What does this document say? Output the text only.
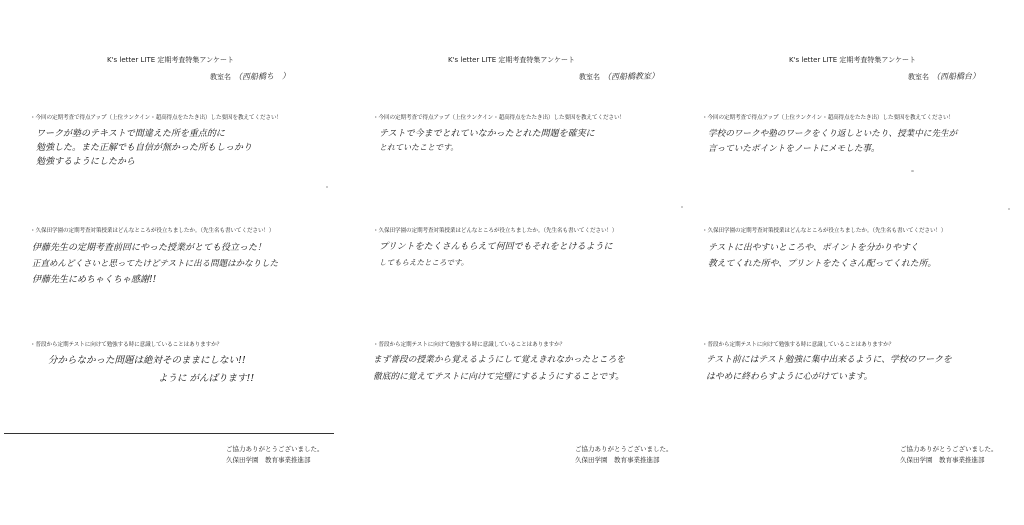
K's letter LITE 定期考査特集アンケート
教室名 （西船橋ち　）
・今回の定期考査で得点アップ（上位ランクイン・超高得点をたたき出）した要因を教えてください！
ワークが塾のテキストで間違えた所を重点的に
勉強した。また正解でも自信が無かった所もしっかり
勉強するようにしたから
・久保田学園の定期考査対策授業はどんなところが役立ちましたか。（先生名も書いてください！）
伊藤先生の定期考査前回にやった授業がとても役立った！
正直めんどくさいと思ってたけどテストに出る問題はかなりした
伊藤先生にめちゃくちゃ感謝!!
・普段から定期テストに向けて勉強する時に意識していることはありますか？
分からなかった問題は絶対そのままにしない!!
ように がんばります!!
ご協力ありがとうございました。
久保田学園　教育事業推進部
K's letter LITE 定期考査特集アンケート
教室名 （西船橋教室）
・今回の定期考査で得点アップ（上位ランクイン・超高得点をたたき出）した要因を教えてください！
テストで今までとれていなかったとれた問題を確実に
とれていたことです。
・久保田学園の定期考査対策授業はどんなところが役立ちましたか。（先生名も書いてください！）
プリントをたくさんもらえて何回でもそれをとけるように
してもらえたところです。
・普段から定期テストに向けて勉強する時に意識していることはありますか？
まず普段の授業から覚えるようにして覚えきれなかったところを
徹底的に覚えてテストに向けて完璧にするようにすることです。
ご協力ありがとうございました。
久保田学園　教育事業推進部
K's letter LITE 定期考査特集アンケート
教室名 （西船橋台）
・今回の定期考査で得点アップ（上位ランクイン・超高得点をたたき出）した要因を教えてください！
学校のワークや塾のワークをくり返しといたり、授業中に先生が
言っていたポイントをノートにメモした事。
・久保田学園の定期考査対策授業はどんなところが役立ちましたか。（先生名も書いてください！）
テストに出やすいところや、ポイントを分かりやすく
教えてくれた所や、プリントをたくさん配ってくれた所。
・普段から定期テストに向けて勉強する時に意識していることはありますか？
テスト前にはテスト勉強に集中出来るように、学校のワークを
はやめに終わらすように心がけています。
ご協力ありがとうございました。
久保田学園　教育事業推進部
